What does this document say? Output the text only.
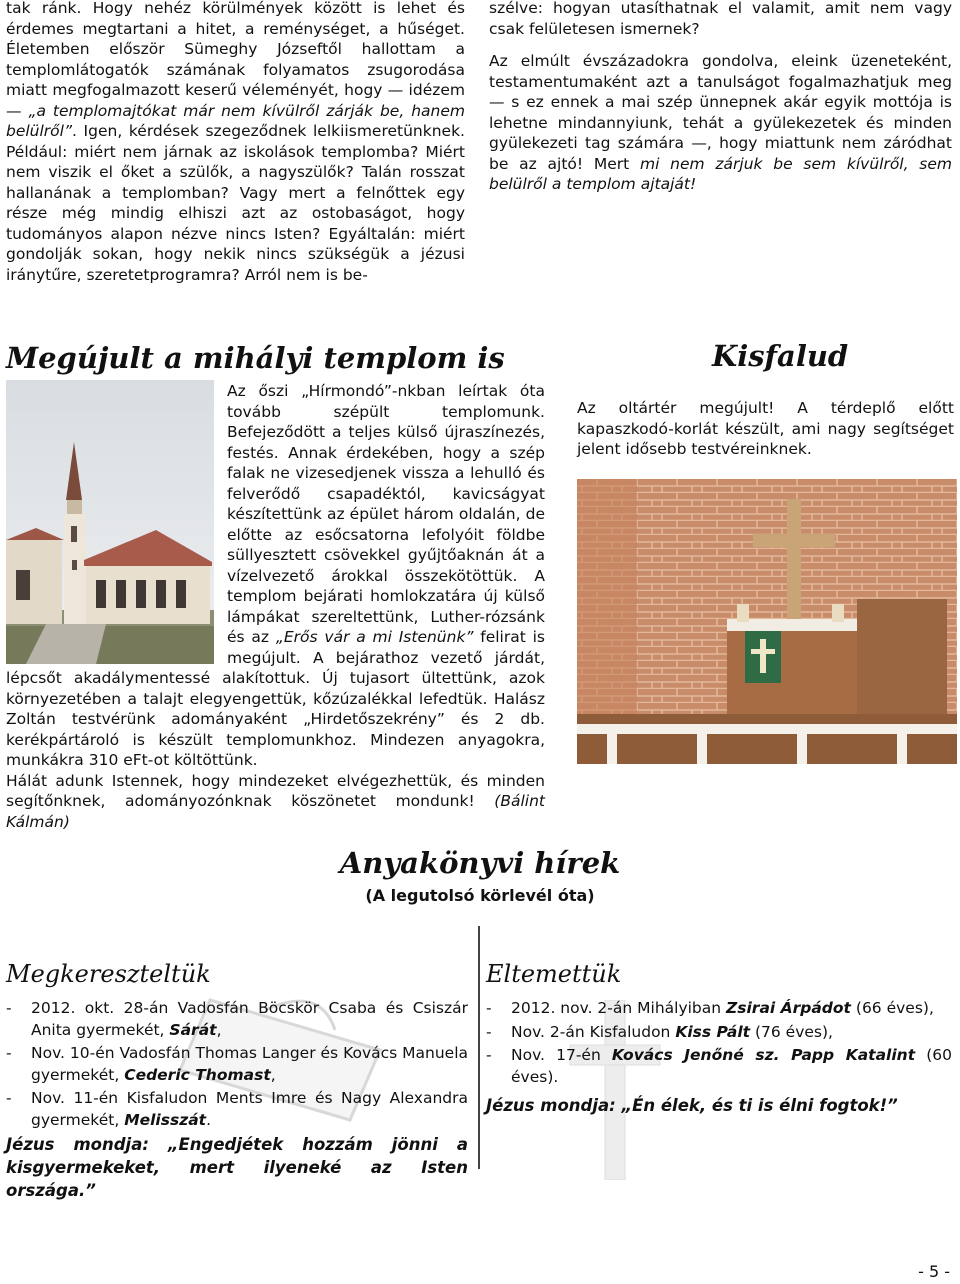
tak ránk. Hogy nehéz körülmények között is lehet és érdemes megtartani a hitet, a reménységet, a hűséget. Életemben először Sümeghy Józseftől hallottam a templomlátogatók számának folyamatos zsugorodása miatt megfogalmazott keserű véleményét, hogy — idézem — „a templomajtókat már nem kívülről zárják be, hanem belülről”. Igen, kérdések szegeződnek lelkiismeretünknek. Például: miért nem járnak az iskolások templomba? Miért nem viszik el őket a szülők, a nagyszülők? Talán rosszat hallanának a templomban? Vagy mert a felnőttek egy része még mindig elhiszi azt az ostobaságot, hogy tudományos alapon nézve nincs Isten? Egyáltalán: miért gondolják sokan, hogy nekik nincs szükségük a jézusi iránytűre, szeretetprogramra? Arról nem is be-

szélve: hogyan utasíthatnak el valamit, amit nem vagy csak felületesen ismernek?

Az elmúlt évszázadokra gondolva, eleink üzeneteként, testamentumaként azt a tanulságot fogalmazhatjuk meg — s ez ennek a mai szép ünnepnek akár egyik mottója is lehetne mindannyiunk, tehát a gyülekezetek és minden gyülekezeti tag számára —, hogy miattunk nem záródhat be az ajtó! Mert mi nem zárjuk be sem kívülről, sem belülről a templom ajtaját!

Megújult a mihályi templom is
Az őszi „Hírmondó”-nkban leírtak óta tovább szépült templomunk. Befejeződött a teljes külső újraszínezés, festés. Annak érdekében, hogy a szép falak ne vizesedjenek vissza a lehulló és felverődő csapadéktól, kavicságyat készítettünk az épület három oldalán, de előtte az esőcsatorna lefolyóit földbe süllyesztett csövekkel gyűjtőaknán át a vízelvezető árokkal összekötöttük. A templom bejárati homlokzatára új külső lámpákat szereltettünk, Luther-rózsánk és az „Erős vár a mi Istenünk” felirat is megújult. A bejárathoz vezető járdát, lépcsőt akadálymentessé alakítottuk. Új tujasort ültettünk, azok környezetében a talajt elegyengettük, kőzúzalékkal lefedtük. Halász Zoltán testvérünk adományaként „Hirdetőszekrény” és 2 db. kerékpártároló is készült templomunkhoz. Mindezen anyagokra, munkákra 310 eFt-ot költöttünk.
Hálát adunk Istennek, hogy mindezeket elvégezhettük, és minden segítőnknek, adományozónknak köszönetet mondunk! (Bálint Kálmán)
Kisfalud
Az oltártér megújult! A térdeplő előtt kapaszkodó-korlát készült, ami nagy segítséget jelent idősebb testvéreinknek.
Anyakönyvi hírek
(A legutolsó körlevél óta)
Megkereszteltük
- 2012. okt. 28-án Vadosfán Böcskör Csaba és Csiszár Anita gyermekét, Sárát,
- Nov. 10-én Vadosfán Thomas Langer és Kovács Manuela gyermekét, Cederic Thomast,
- Nov. 11-én Kisfaludon Ments Imre és Nagy Alexandra gyermekét, Melisszát.
Jézus mondja: „Engedjétek hozzám jönni a kisgyermekeket, mert ilyeneké az Isten országa.”
Eltemettük
- 2012. nov. 2-án Mihályiban Zsirai Árpádot (66 éves),
- Nov. 2-án Kisfaludon Kiss Pált (76 éves),
- Nov. 17-én Kovács Jenőné sz. Papp Katalint (60 éves).
Jézus mondja: „Én élek, és ti is élni fogtok!”
- 5 -
